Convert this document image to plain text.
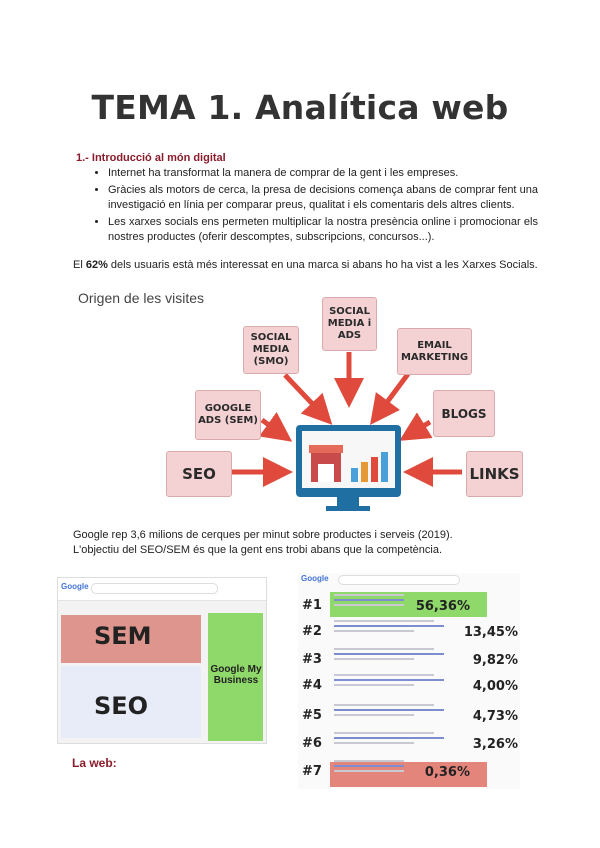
TEMA 1. Analítica web
1.- Introducció al món digital
• Internet ha transformat la manera de comprar de la gent i les empreses.
• Gràcies als motors de cerca, la presa de decisions comença abans de comprar fent una investigació en línia per comparar preus, qualitat i els comentaris dels altres clients.
• Les xarxes socials ens permeten multiplicar la nostra presència online i promocionar els nostres productes (oferir descomptes, subscripcions, concursos...).
El 62% dels usuaris està més interessat en una marca si abans ho ha vist a les Xarxes Socials.
Origen de les visites
SOCIAL MEDIA i ADS
SOCIAL MEDIA (SMO)
EMAIL MARKETING
GOOGLE ADS (SEM)	BLOGS
SEO	LINKS
Google rep 3,6 milions de cerques per minut sobre productes i serveis (2019).
L'objectiu del SEO/SEM és que la gent ens trobi abans que la competència.
Google
SEM
SEO
Google My Business
La web:
Google
#1	56,36%
#2	13,45%
#3	9,82%
#4	4,00%
#5	4,73%
#6	3,26%
#7	0,36%
